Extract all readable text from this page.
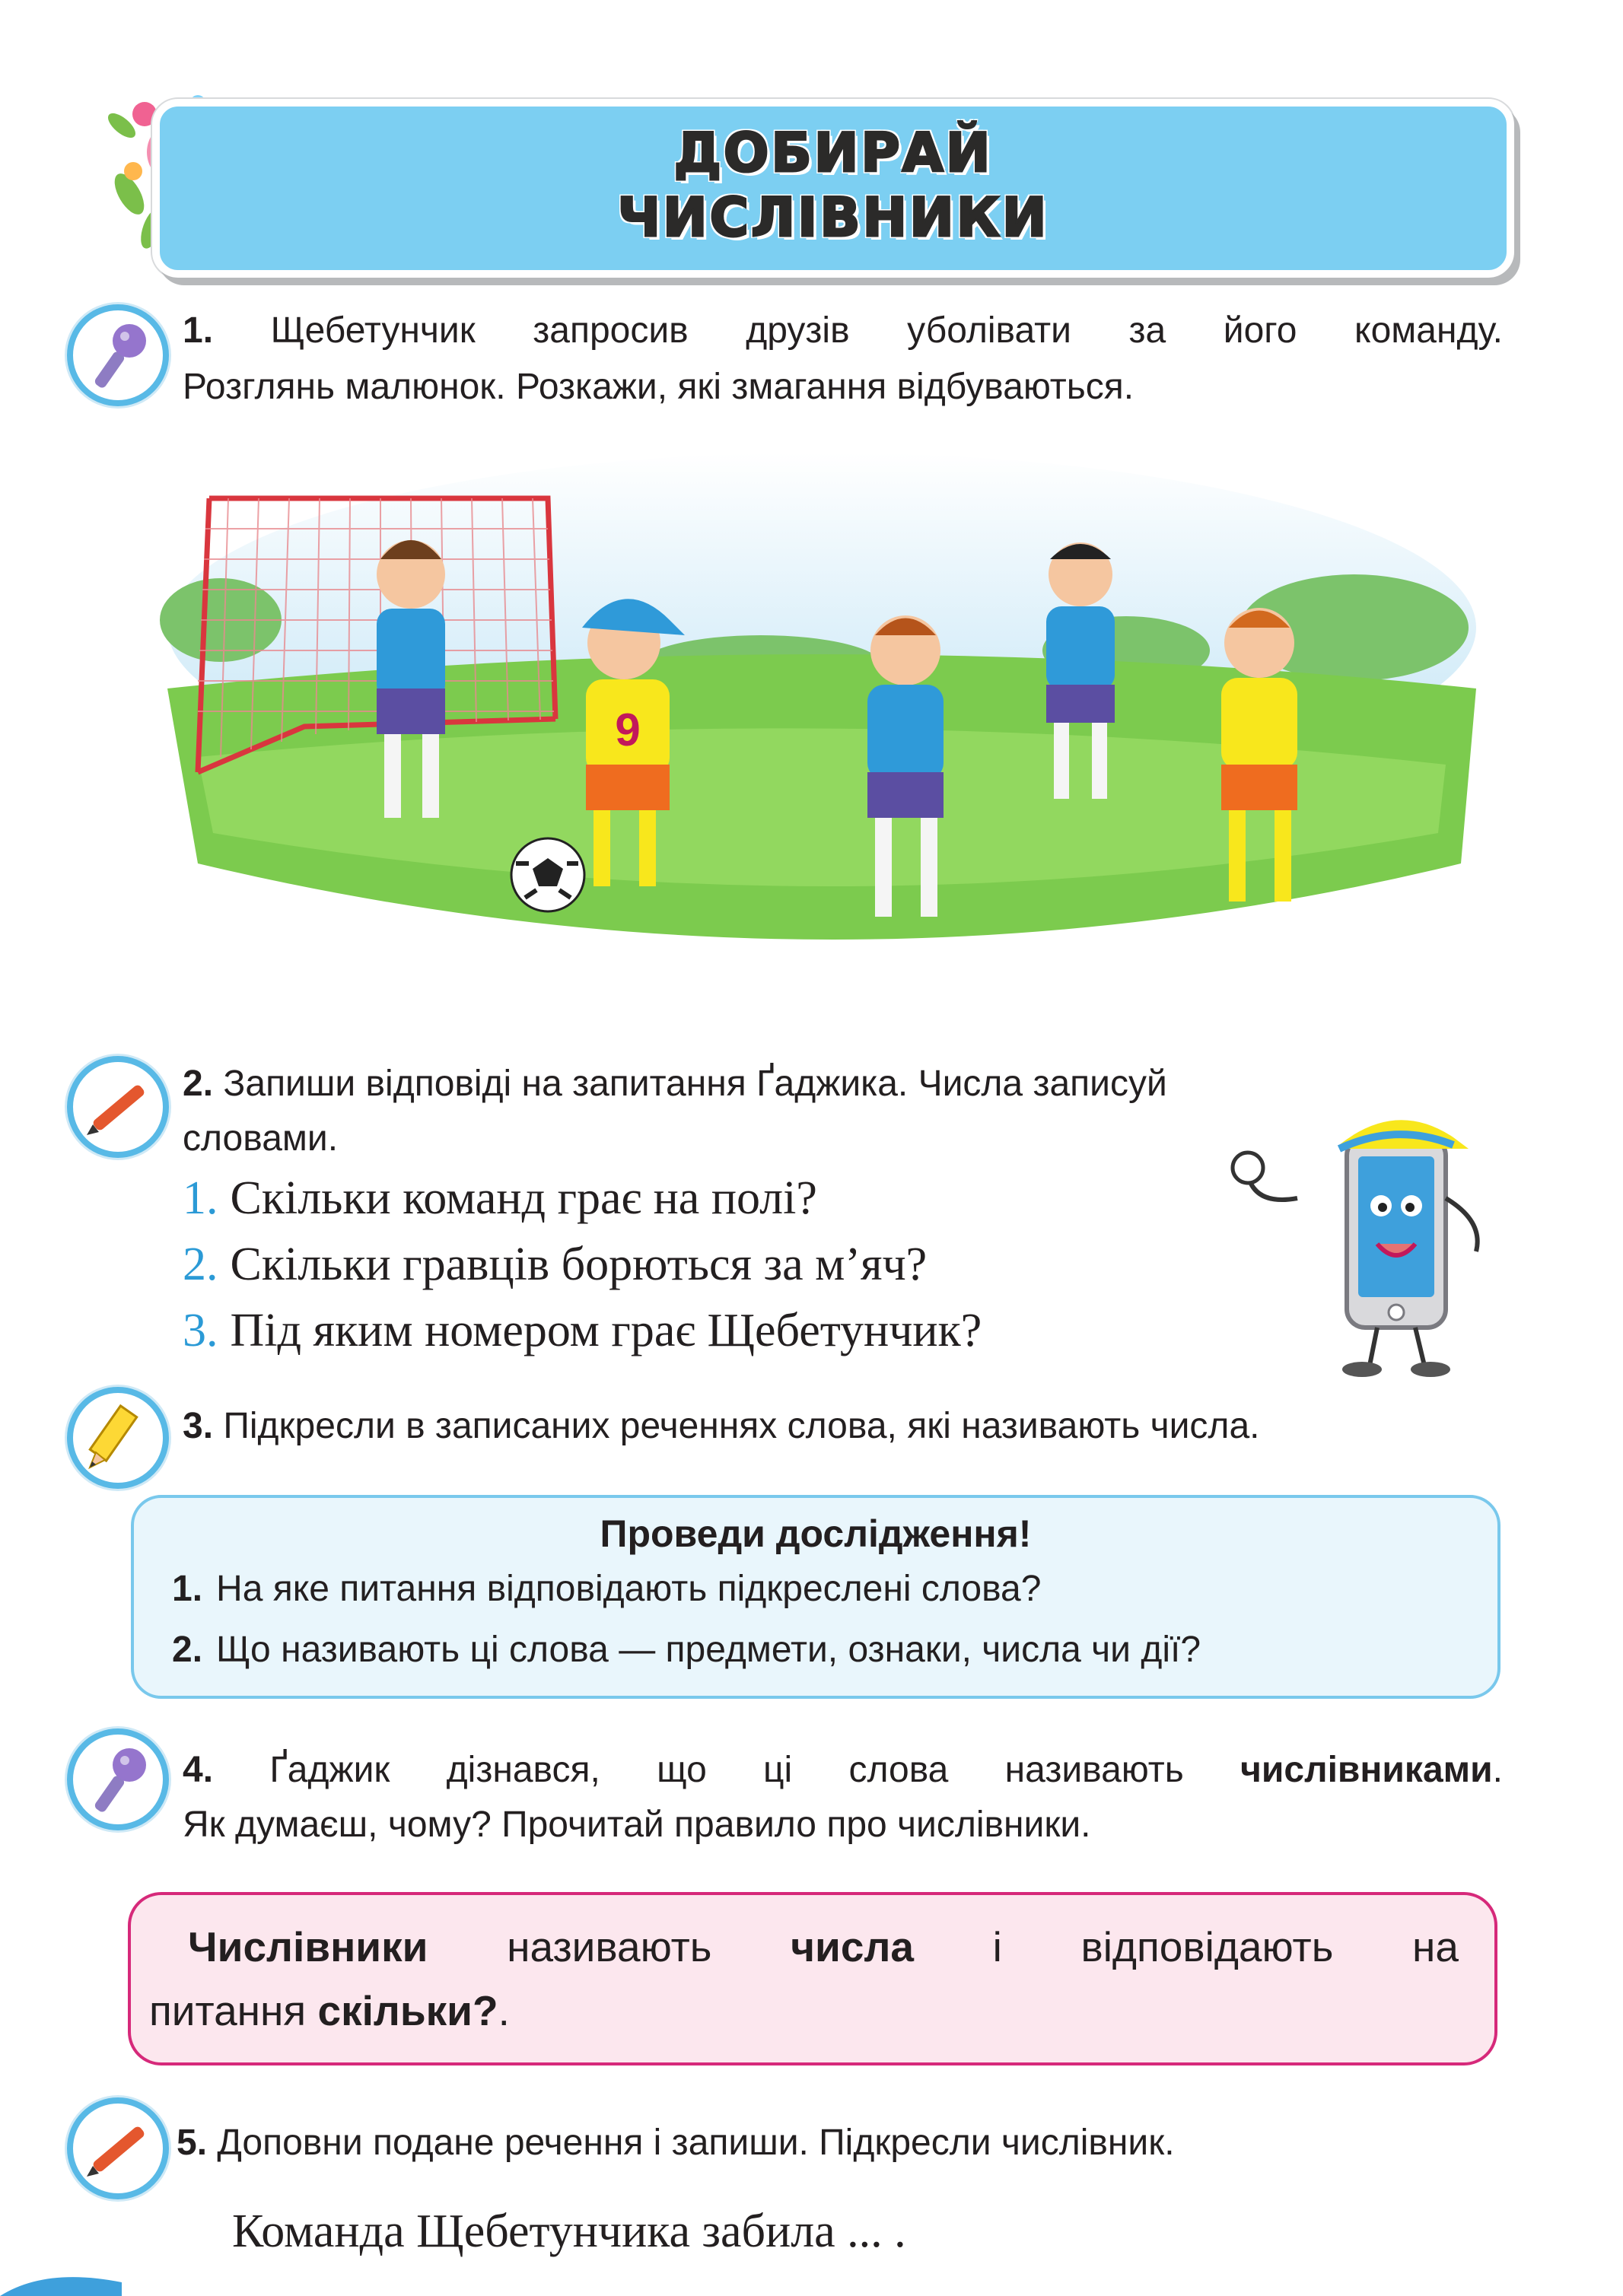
ДОБИРАЙ
ЧИСЛІВНИКИ
1. Щебетунчик запросив друзів уболівати за його команду.
Розглянь малюнок. Розкажи, які змагання відбуваються.
9
2. Запиши відповіді на запитання Ґаджика. Числа записуй
словами.
1. Скільки команд грає на полі?
2. Скільки гравців борються за м’яч?
3. Під яким номером грає Щебетунчик?
3. Підкресли в записаних реченнях слова, які називають числа.
Проведи дослідження!
1. На яке питання відповідають підкреслені слова?
2. Що називають ці слова — предмети, ознаки, числа чи дії?
4. Ґаджик дізнався, що ці слова називають числівниками.
Як думаєш, чому? Прочитай правило про числівники.
Числівники називають числа і відповідають на
питання скільки?.
5. Доповни подане речення і запиши. Підкресли числівник.
Команда Щебетунчика забила ... .
